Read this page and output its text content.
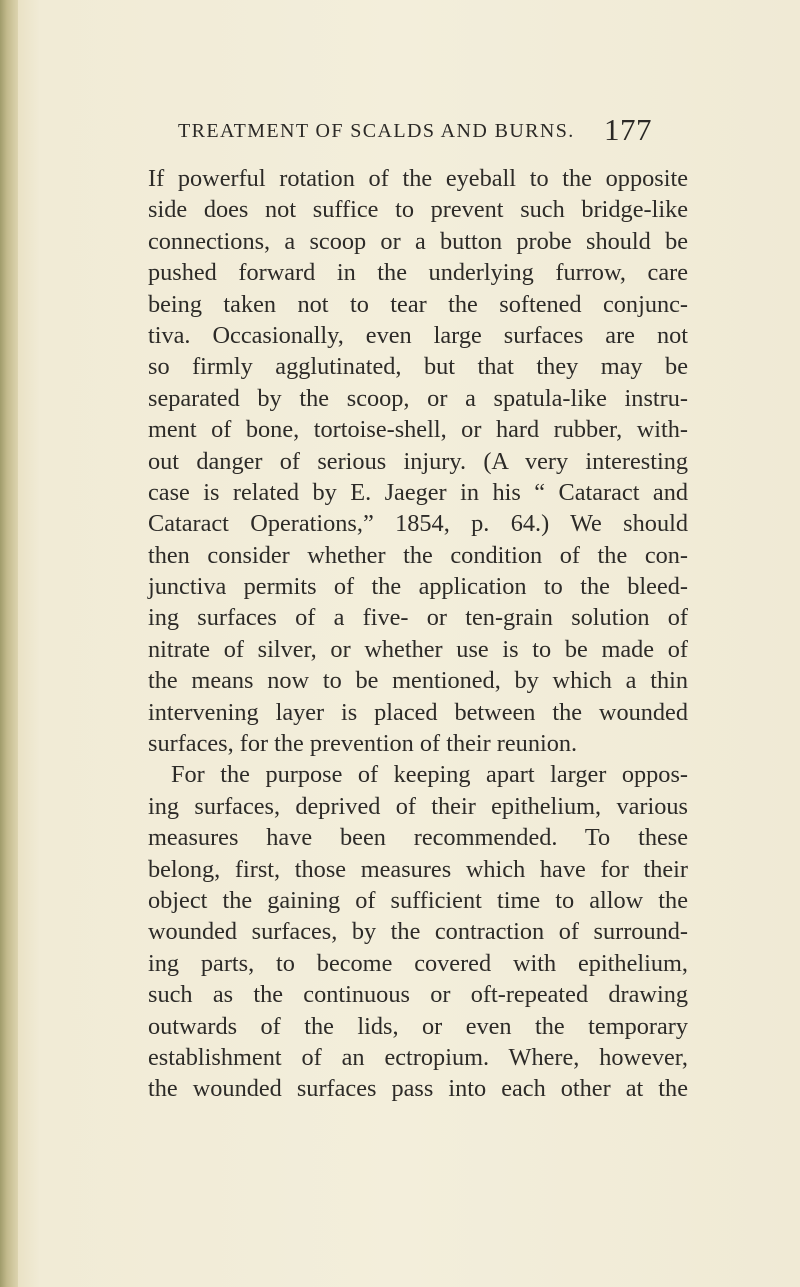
TREATMENT OF SCALDS AND BURNS. 177
If powerful rotation of the eyeball to the opposite
side does not suffice to prevent such bridge-like
connections, a scoop or a button probe should be
pushed forward in the underlying furrow, care
being taken not to tear the softened conjunc-
tiva. Occasionally, even large surfaces are not
so firmly agglutinated, but that they may be
separated by the scoop, or a spatula-like instru-
ment of bone, tortoise-shell, or hard rubber, with-
out danger of serious injury. (A very interesting
case is related by E. Jaeger in his “ Cataract and
Cataract Operations,” 1854, p. 64.) We should
then consider whether the condition of the con-
junctiva permits of the application to the bleed-
ing surfaces of a five- or ten-grain solution of
nitrate of silver, or whether use is to be made of
the means now to be mentioned, by which a thin
intervening layer is placed between the wounded
surfaces, for the prevention of their reunion.
For the purpose of keeping apart larger oppos-
ing surfaces, deprived of their epithelium, various
measures have been recommended. To these
belong, first, those measures which have for their
object the gaining of sufficient time to allow the
wounded surfaces, by the contraction of surround-
ing parts, to become covered with epithelium,
such as the continuous or oft-repeated drawing
outwards of the lids, or even the temporary
establishment of an ectropium. Where, however,
the wounded surfaces pass into each other at the
